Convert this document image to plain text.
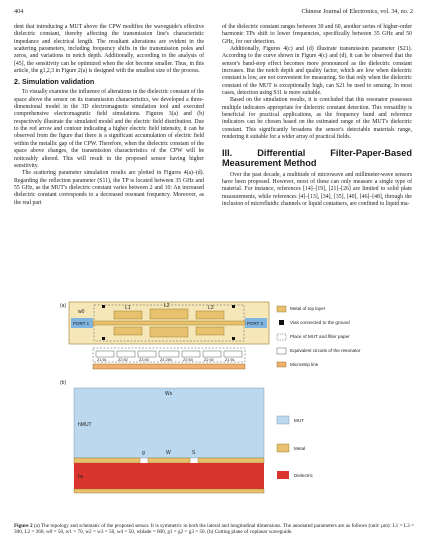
404	Chinese Journal of Electronics, vol. 34, no. 2

dent that introducing a MUT above the CPW modifies the waveguide's effective dielectric constant, thereby affecting the transmission line's characteristic impedance and electrical length. The resultant alterations are evident in the scattering parameters, including frequency shifts in the transmission poles and zeros, and variations in notch depth. Additionally, according to the analysis of [45], the sensitivity can be optimized when the slot become smaller. Thus, in this article, the g1,2,3 in Figure 2(a) is designed with the smallest size of the process.

2. Simulation validation

To visually examine the influence of alterations in the dielectric constant of the space above the sensor on its transmission characteristics, we developed a three-dimensional model in the 3D electromagnetic simulation tool and executed comprehensive electromagnetic field simulations. Figures 3(a) and (b) respectively illustrate the simulated model and the electric field distribution. Due to the red arrow and contour indicating a higher electric field intensity, it can be observed from the figure that there is a significant accumulation of electric field within the metallic gap of the CPW. Therefore, when the dielectric constant of the space above changes, the transmission characteristics of the CPW will be noticeably altered. This will result in the proposed sensor having higher sensitivity.

The scattering parameter simulation results are plotted in Figures 4(a)–(d). Regarding the reflection parameter (S11), the TP is located between 35 GHz and 55 GHz, as the MUT's dielectric constant varies between 2 and 10: An increased dielectric constant corresponds to a decreased resonant frequency. Moreover, as the real part

of the dielectric constant ranges between 30 and 60, another series of higher-order harmonic TPs shift to lower frequencies, specifically between 35 GHz and 50 GHz, for our detection.

Additionally, Figures 4(c) and (d) illustrate transmission parameter (S21). According to the curve shown in Figure 4(c) and (d), it can be observed that the sensor's band-stop effect becomes more pronounced as the dielectric constant increases. But the notch depth and quality factor, which are low when dielectric constant is low, are not convenient for measuring. So that only when the dielectric constant of the MUT is exceptionally high, can S21 be used to sensing. In most cases, detection using S11 is more suitable.

Based on the simulation results, it is concluded that this resonator possesses multiple indicators appropriate for dielectric constant detection. This versatility is beneficial for practical applications, as the frequency band and reference indicators can be chosen based on the estimated range of the MUT's dielectric constant. This significantly broadens the sensor's detectable materials range, rendering it suitable for a wider array of practical fields.

III. Differential Filter-Paper-Based Measurement Method

Over the past decade, a multitude of microwave and millimeter-wave sensors have been proposed. However, most of these can only measure a single type of material. For instance, references [14]–[19], [21]–[26] are limited to solid plate measurements, while references [4]–[13], [34], [35], [40], [46]–[48], through the inclusion of microfluidic channels or liquid containers, are confined to liquid ma-

(a)
PORT 1	PORT 2
L1	L2	L3
w0
Z1 θ1	Z2 θ2	Z3 θ3	Z4 2θ4	Z3 θ3	Z2 θ2	Z1 θ1
Metal of top layer
Vias connected to the ground
Place of MUT and filter paper
Equivalent circuits of the resonator
Microstrip line
(b)
Ws
hMUT
hs
W
g	S
MUT
Metal
Dielectric
Figure 2 (a) The topology and schematic of the proposed sensor. It is symmetric in both the lateral and longitudinal dimensions. The annotated parameters are as follows (unit: μm): L1 = L3 = 300, L2 = 360, w0 = 50, w1 = 70, w2 = w3 = 50, w4 = 50, wblade = 600, g1 = g2 = g3 = 50. (b) Cutting plane of coplanar waveguide.
